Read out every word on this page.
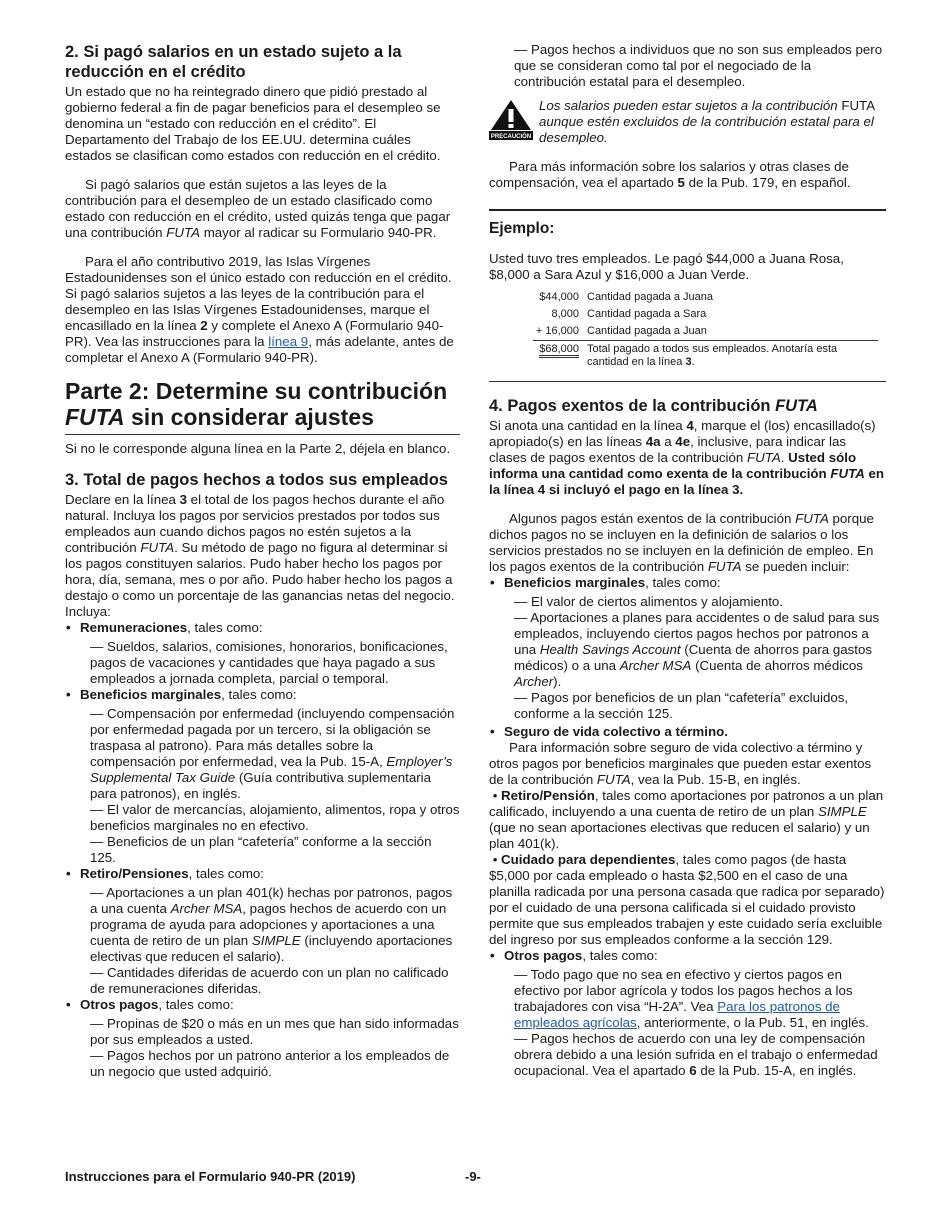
2. Si pagó salarios en un estado sujeto a la reducción en el crédito

Un estado que no ha reintegrado dinero que pidió prestado al gobierno federal a fin de pagar beneficios para el desempleo se denomina un “estado con reducción en el crédito”. El Departamento del Trabajo de los EE.UU. determina cuáles estados se clasifican como estados con reducción en el crédito.

Si pagó salarios que están sujetos a las leyes de la contribución para el desempleo de un estado clasificado como estado con reducción en el crédito, usted quizás tenga que pagar una contribución FUTA mayor al radicar su Formulario 940-PR.

Para el año contributivo 2019, las Islas Vírgenes Estadounidenses son el único estado con reducción en el crédito. Si pagó salarios sujetos a las leyes de la contribución para el desempleo en las Islas Vírgenes Estadounidenses, marque el encasillado en la línea 2 y complete el Anexo A (Formulario 940-PR). Vea las instrucciones para la línea 9, más adelante, antes de completar el Anexo A (Formulario 940-PR).

Parte 2: Determine su contribución
FUTA sin considerar ajustes

Si no le corresponde alguna línea en la Parte 2, déjela en blanco.

3. Total de pagos hechos a todos sus empleados

Declare en la línea 3 el total de los pagos hechos durante el año natural. Incluya los pagos por servicios prestados por todos sus empleados aun cuando dichos pagos no estén sujetos a la contribución FUTA. Su método de pago no figura al determinar si los pagos constituyen salarios. Pudo haber hecho los pagos por hora, día, semana, mes o por año. Pudo haber hecho los pagos a destajo o como un porcentaje de las ganancias netas del negocio. Incluya:

• Remuneraciones, tales como:

— Sueldos, salarios, comisiones, honorarios, bonificaciones, pagos de vacaciones y cantidades que haya pagado a sus empleados a jornada completa, parcial o temporal.

• Beneficios marginales, tales como:

— Compensación por enfermedad (incluyendo compensación por enfermedad pagada por un tercero, si la obligación se traspasa al patrono). Para más detalles sobre la compensación por enfermedad, vea la Pub. 15-A, Employer’s Supplemental Tax Guide (Guía contributiva suplementaria para patronos), en inglés.

— El valor de mercancías, alojamiento, alimentos, ropa y otros beneficios marginales no en efectivo.

— Beneficios de un plan “cafetería” conforme a la sección 125.

• Retiro/Pensiones, tales como:

— Aportaciones a un plan 401(k) hechas por patronos, pagos a una cuenta Archer MSA, pagos hechos de acuerdo con un programa de ayuda para adopciones y aportaciones a una cuenta de retiro de un plan SIMPLE (incluyendo aportaciones electivas que reducen el salario).

— Cantidades diferidas de acuerdo con un plan no calificado de remuneraciones diferidas.

• Otros pagos, tales como:

— Propinas de $20 o más en un mes que han sido informadas por sus empleados a usted.

— Pagos hechos por un patrono anterior a los empleados de un negocio que usted adquirió.

— Pagos hechos a individuos que no son sus empleados pero que se consideran como tal por el negociado de la contribución estatal para el desempleo.

PRECAUCIÓN

Los salarios pueden estar sujetos a la contribución FUTA aunque estén excluidos de la contribución estatal para el desempleo.

Para más información sobre los salarios y otras clases de compensación, vea el apartado 5 de la Pub. 179, en español.

Ejemplo:

Usted tuvo tres empleados. Le pagó $44,000 a Juana Rosa, $8,000 a Sara Azul y $16,000 a Juan Verde.

$44,000	Cantidad pagada a Juana
8,000	Cantidad pagada a Sara
+ 16,000	Cantidad pagada a Juan
$68,000	Total pagado a todos sus empleados. Anotaría esta cantidad en la línea 3.
4. Pagos exentos de la contribución FUTA

Si anota una cantidad en la línea 4, marque el (los) encasillado(s) apropiado(s) en las líneas 4a a 4e, inclusive, para indicar las clases de pagos exentos de la contribución FUTA. Usted sólo informa una cantidad como exenta de la contribución FUTA en la línea 4 si incluyó el pago en la línea 3.

Algunos pagos están exentos de la contribución FUTA porque dichos pagos no se incluyen en la definición de salarios o los servicios prestados no se incluyen en la definición de empleo. En los pagos exentos de la contribución FUTA se pueden incluir:

• Beneficios marginales, tales como:

— El valor de ciertos alimentos y alojamiento.

— Aportaciones a planes para accidentes o de salud para sus empleados, incluyendo ciertos pagos hechos por patronos a una Health Savings Account (Cuenta de ahorros para gastos médicos) o a una Archer MSA (Cuenta de ahorros médicos Archer).

— Pagos por beneficios de un plan “cafetería” excluidos, conforme a la sección 125.

• Seguro de vida colectivo a término.

Para información sobre seguro de vida colectivo a término y otros pagos por beneficios marginales que pueden estar exentos de la contribución FUTA, vea la Pub. 15-B, en inglés.

• Retiro/Pensión, tales como aportaciones por patronos a un plan calificado, incluyendo a una cuenta de retiro de un plan SIMPLE (que no sean aportaciones electivas que reducen el salario) y un plan 401(k).

• Cuidado para dependientes, tales como pagos (de hasta $5,000 por cada empleado o hasta $2,500 en el caso de una planilla radicada por una persona casada que radica por separado) por el cuidado de una persona calificada si el cuidado provisto permite que sus empleados trabajen y este cuidado sería excluible del ingreso por sus empleados conforme a la sección 129.

• Otros pagos, tales como:

— Todo pago que no sea en efectivo y ciertos pagos en efectivo por labor agrícola y todos los pagos hechos a los trabajadores con visa “H-2A”. Vea Para los patronos de empleados agrícolas, anteriormente, o la Pub. 51, en inglés.

— Pagos hechos de acuerdo con una ley de compensación obrera debido a una lesión sufrida en el trabajo o enfermedad ocupacional. Vea el apartado 6 de la Pub. 15-A, en inglés.

Instrucciones para el Formulario 940-PR (2019)	-9-
